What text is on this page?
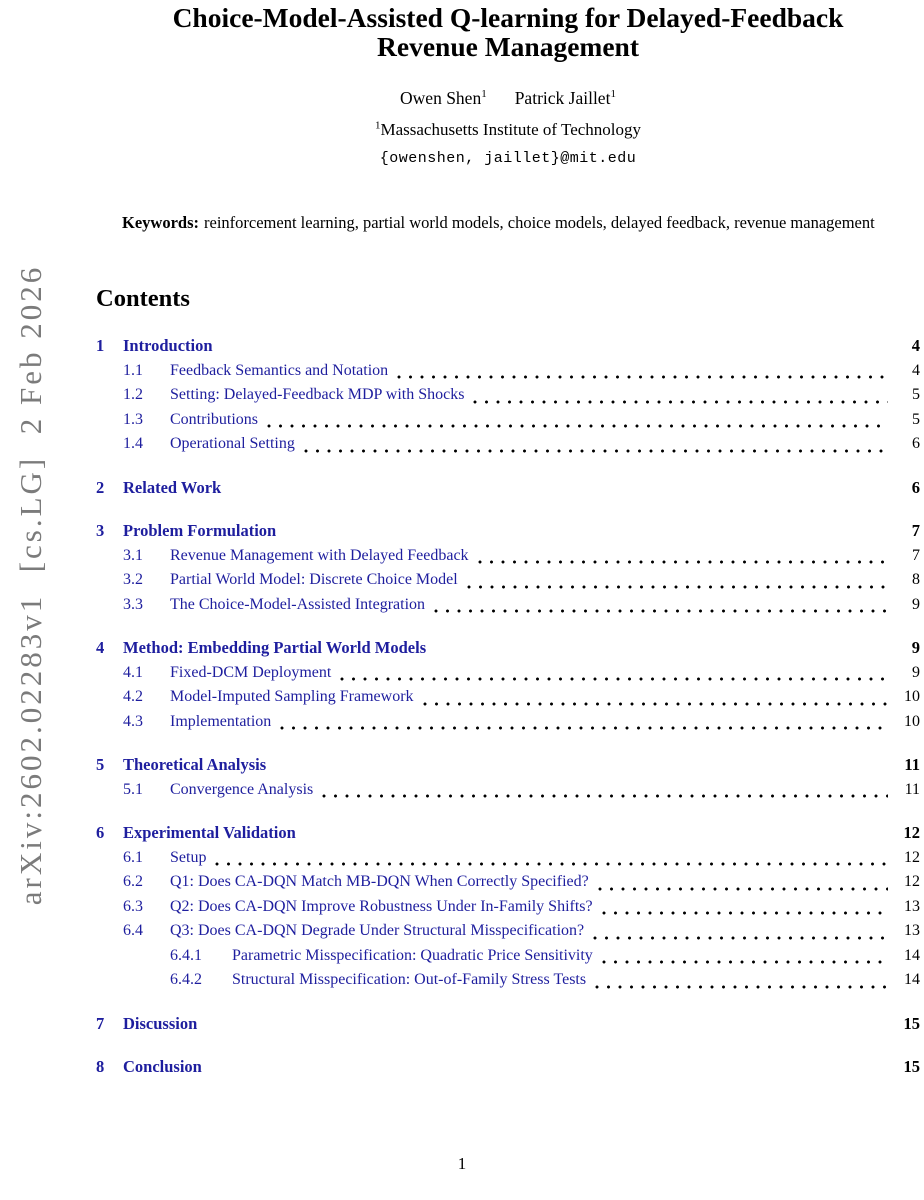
arXiv:2602.02283v1  [cs.LG]  2 Feb 2026
Choice-Model-Assisted Q-learning for Delayed-Feedback
Revenue Management
Owen Shen$^1$ Patrick Jaillet$^1$
$^1$Massachusetts Institute of Technology
{owenshen, jaillet}@mit.edu

Keywords: reinforcement learning, partial world models, choice models, delayed feedback, revenue management

Contents
1	Introduction	4
1.1	Feedback Semantics and Notation	4
1.2	Setting: Delayed-Feedback MDP with Shocks	5
1.3	Contributions	5
1.4	Operational Setting	6
2	Related Work	6
3	Problem Formulation	7
3.1	Revenue Management with Delayed Feedback	7
3.2	Partial World Model: Discrete Choice Model	8
3.3	The Choice-Model-Assisted Integration	9
4	Method: Embedding Partial World Models	9
4.1	Fixed-DCM Deployment	9
4.2	Model-Imputed Sampling Framework	10
4.3	Implementation	10
5	Theoretical Analysis	11
5.1	Convergence Analysis	11
6	Experimental Validation	12
6.1	Setup	12
6.2	Q1: Does CA-DQN Match MB-DQN When Correctly Specified?	12
6.3	Q2: Does CA-DQN Improve Robustness Under In-Family Shifts?	13
6.4	Q3: Does CA-DQN Degrade Under Structural Misspecification?	13
6.4.1	Parametric Misspecification: Quadratic Price Sensitivity	14
6.4.2	Structural Misspecification: Out-of-Family Stress Tests	14
7	Discussion	15
8	Conclusion	15
1
